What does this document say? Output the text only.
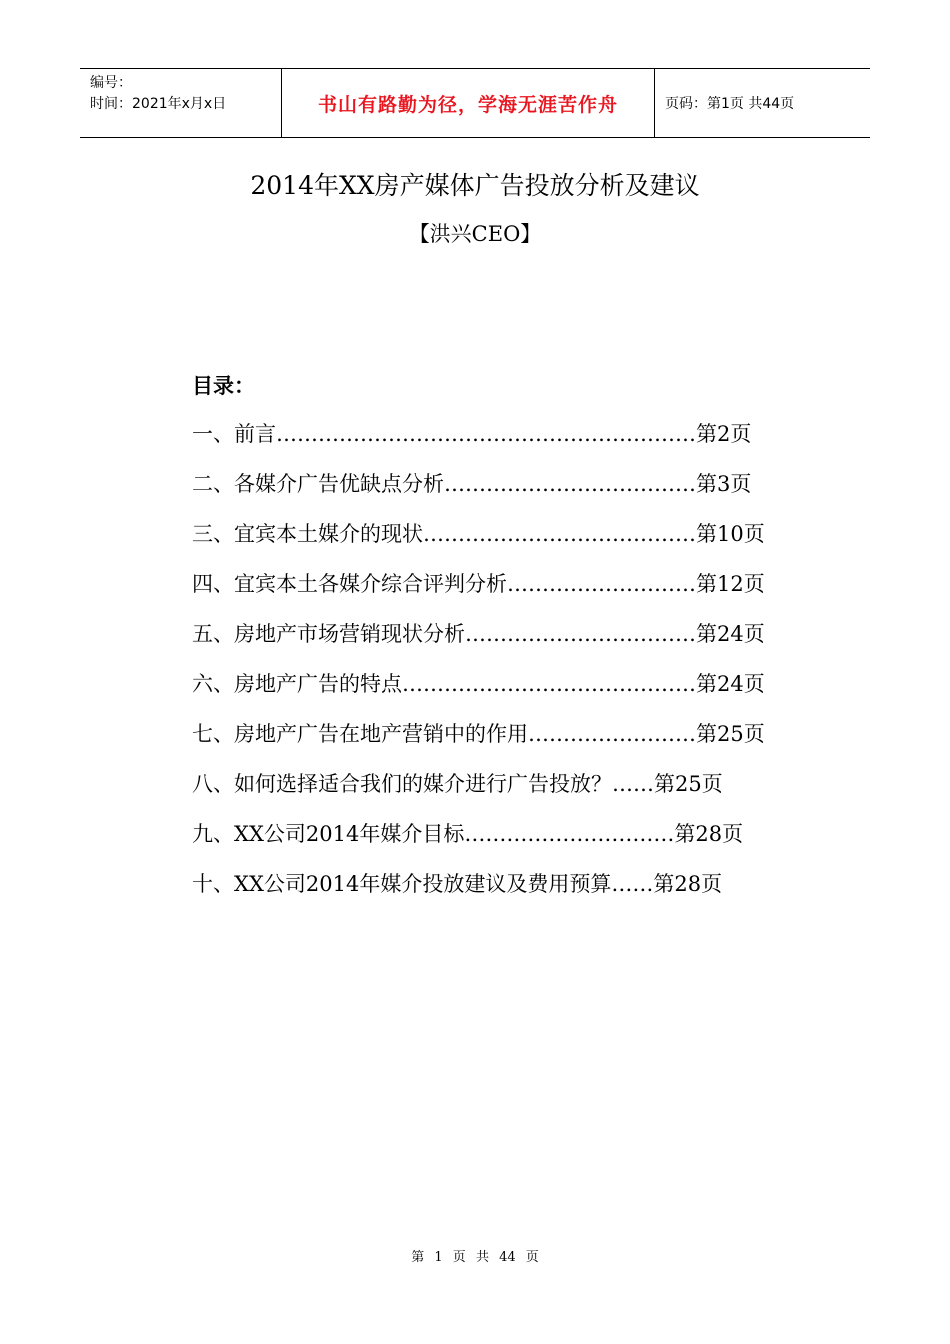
编号：
时间：2021年x月x日	书山有路勤为径，学海无涯苦作舟	页码：第1页 共44页
2014年XX房产媒体广告投放分析及建议
【洪兴CEO】
目录：
一、前言……………………………………………………第2页
二、各媒介广告优缺点分析………………………………第3页
三、宜宾本土媒介的现状…………………………………第10页
四、宜宾本土各媒介综合评判分析………………………第12页
五、房地产市场营销现状分析……………………………第24页
六、房地产广告的特点……………………………………第24页
七、房地产广告在地产营销中的作用……………………第25页
八、如何选择适合我们的媒介进行广告投放？……第25页
九、XX公司2014年媒介目标…………………………第28页
十、XX公司2014年媒介投放建议及费用预算……第28页
第 1 页 共 44 页
